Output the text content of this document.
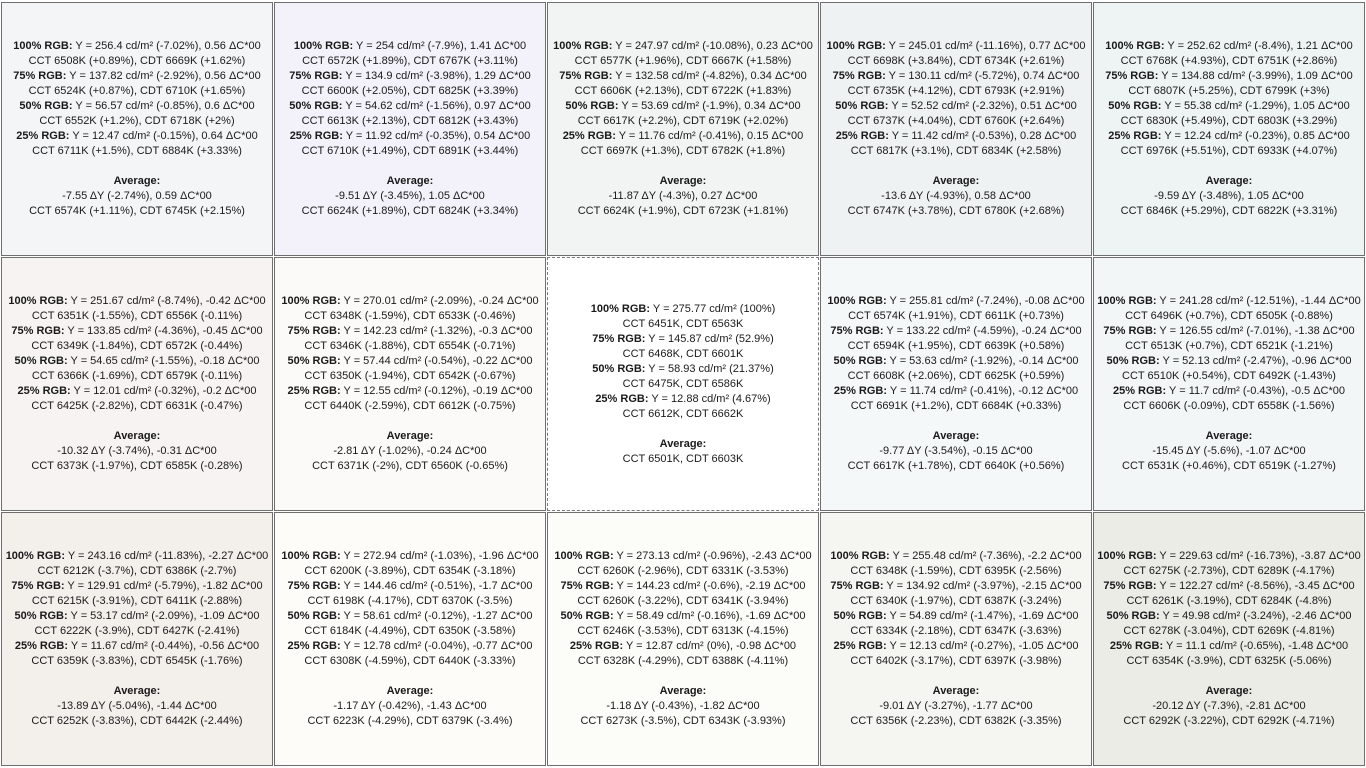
100% RGB: Y = 256.4 cd/m² (-7.02%), 0.56 ΔC*00
CCT 6508K (+0.89%), CDT 6669K (+1.62%)
75% RGB: Y = 137.82 cd/m² (-2.92%), 0.56 ΔC*00
CCT 6524K (+0.87%), CDT 6710K (+1.65%)
50% RGB: Y = 56.57 cd/m² (-0.85%), 0.6 ΔC*00
CCT 6552K (+1.2%), CDT 6718K (+2%)
25% RGB: Y = 12.47 cd/m² (-0.15%), 0.64 ΔC*00
CCT 6711K (+1.5%), CDT 6884K (+3.33%)
Average:
-7.55 ΔY (-2.74%), 0.59 ΔC*00
CCT 6574K (+1.11%), CDT 6745K (+2.15%)
100% RGB: Y = 254 cd/m² (-7.9%), 1.41 ΔC*00
CCT 6572K (+1.89%), CDT 6767K (+3.11%)
75% RGB: Y = 134.9 cd/m² (-3.98%), 1.29 ΔC*00
CCT 6600K (+2.05%), CDT 6825K (+3.39%)
50% RGB: Y = 54.62 cd/m² (-1.56%), 0.97 ΔC*00
CCT 6613K (+2.13%), CDT 6812K (+3.43%)
25% RGB: Y = 11.92 cd/m² (-0.35%), 0.54 ΔC*00
CCT 6710K (+1.49%), CDT 6891K (+3.44%)
Average:
-9.51 ΔY (-3.45%), 1.05 ΔC*00
CCT 6624K (+1.89%), CDT 6824K (+3.34%)
100% RGB: Y = 247.97 cd/m² (-10.08%), 0.23 ΔC*00
CCT 6577K (+1.96%), CDT 6667K (+1.58%)
75% RGB: Y = 132.58 cd/m² (-4.82%), 0.34 ΔC*00
CCT 6606K (+2.13%), CDT 6722K (+1.83%)
50% RGB: Y = 53.69 cd/m² (-1.9%), 0.34 ΔC*00
CCT 6617K (+2.2%), CDT 6719K (+2.02%)
25% RGB: Y = 11.76 cd/m² (-0.41%), 0.15 ΔC*00
CCT 6697K (+1.3%), CDT 6782K (+1.8%)
Average:
-11.87 ΔY (-4.3%), 0.27 ΔC*00
CCT 6624K (+1.9%), CDT 6723K (+1.81%)
100% RGB: Y = 245.01 cd/m² (-11.16%), 0.77 ΔC*00
CCT 6698K (+3.84%), CDT 6734K (+2.61%)
75% RGB: Y = 130.11 cd/m² (-5.72%), 0.74 ΔC*00
CCT 6735K (+4.12%), CDT 6793K (+2.91%)
50% RGB: Y = 52.52 cd/m² (-2.32%), 0.51 ΔC*00
CCT 6737K (+4.04%), CDT 6760K (+2.64%)
25% RGB: Y = 11.42 cd/m² (-0.53%), 0.28 ΔC*00
CCT 6817K (+3.1%), CDT 6834K (+2.58%)
Average:
-13.6 ΔY (-4.93%), 0.58 ΔC*00
CCT 6747K (+3.78%), CDT 6780K (+2.68%)
100% RGB: Y = 252.62 cd/m² (-8.4%), 1.21 ΔC*00
CCT 6768K (+4.93%), CDT 6751K (+2.86%)
75% RGB: Y = 134.88 cd/m² (-3.99%), 1.09 ΔC*00
CCT 6807K (+5.25%), CDT 6799K (+3%)
50% RGB: Y = 55.38 cd/m² (-1.29%), 1.05 ΔC*00
CCT 6830K (+5.49%), CDT 6803K (+3.29%)
25% RGB: Y = 12.24 cd/m² (-0.23%), 0.85 ΔC*00
CCT 6976K (+5.51%), CDT 6933K (+4.07%)
Average:
-9.59 ΔY (-3.48%), 1.05 ΔC*00
CCT 6846K (+5.29%), CDT 6822K (+3.31%)
100% RGB: Y = 251.67 cd/m² (-8.74%), -0.42 ΔC*00
CCT 6351K (-1.55%), CDT 6556K (-0.11%)
75% RGB: Y = 133.85 cd/m² (-4.36%), -0.45 ΔC*00
CCT 6349K (-1.84%), CDT 6572K (-0.44%)
50% RGB: Y = 54.65 cd/m² (-1.55%), -0.18 ΔC*00
CCT 6366K (-1.69%), CDT 6579K (-0.11%)
25% RGB: Y = 12.01 cd/m² (-0.32%), -0.2 ΔC*00
CCT 6425K (-2.82%), CDT 6631K (-0.47%)
Average:
-10.32 ΔY (-3.74%), -0.31 ΔC*00
CCT 6373K (-1.97%), CDT 6585K (-0.28%)
100% RGB: Y = 270.01 cd/m² (-2.09%), -0.24 ΔC*00
CCT 6348K (-1.59%), CDT 6533K (-0.46%)
75% RGB: Y = 142.23 cd/m² (-1.32%), -0.3 ΔC*00
CCT 6346K (-1.88%), CDT 6554K (-0.71%)
50% RGB: Y = 57.44 cd/m² (-0.54%), -0.22 ΔC*00
CCT 6350K (-1.94%), CDT 6542K (-0.67%)
25% RGB: Y = 12.55 cd/m² (-0.12%), -0.19 ΔC*00
CCT 6440K (-2.59%), CDT 6612K (-0.75%)
Average:
-2.81 ΔY (-1.02%), -0.24 ΔC*00
CCT 6371K (-2%), CDT 6560K (-0.65%)
100% RGB: Y = 275.77 cd/m² (100%)
CCT 6451K, CDT 6563K
75% RGB: Y = 145.87 cd/m² (52.9%)
CCT 6468K, CDT 6601K
50% RGB: Y = 58.93 cd/m² (21.37%)
CCT 6475K, CDT 6586K
25% RGB: Y = 12.88 cd/m² (4.67%)
CCT 6612K, CDT 6662K
Average:
CCT 6501K, CDT 6603K
100% RGB: Y = 255.81 cd/m² (-7.24%), -0.08 ΔC*00
CCT 6574K (+1.91%), CDT 6611K (+0.73%)
75% RGB: Y = 133.22 cd/m² (-4.59%), -0.24 ΔC*00
CCT 6594K (+1.95%), CDT 6639K (+0.58%)
50% RGB: Y = 53.63 cd/m² (-1.92%), -0.14 ΔC*00
CCT 6608K (+2.06%), CDT 6625K (+0.59%)
25% RGB: Y = 11.74 cd/m² (-0.41%), -0.12 ΔC*00
CCT 6691K (+1.2%), CDT 6684K (+0.33%)
Average:
-9.77 ΔY (-3.54%), -0.15 ΔC*00
CCT 6617K (+1.78%), CDT 6640K (+0.56%)
100% RGB: Y = 241.28 cd/m² (-12.51%), -1.44 ΔC*00
CCT 6496K (+0.7%), CDT 6505K (-0.88%)
75% RGB: Y = 126.55 cd/m² (-7.01%), -1.38 ΔC*00
CCT 6513K (+0.7%), CDT 6521K (-1.21%)
50% RGB: Y = 52.13 cd/m² (-2.47%), -0.96 ΔC*00
CCT 6510K (+0.54%), CDT 6492K (-1.43%)
25% RGB: Y = 11.7 cd/m² (-0.43%), -0.5 ΔC*00
CCT 6606K (-0.09%), CDT 6558K (-1.56%)
Average:
-15.45 ΔY (-5.6%), -1.07 ΔC*00
CCT 6531K (+0.46%), CDT 6519K (-1.27%)
100% RGB: Y = 243.16 cd/m² (-11.83%), -2.27 ΔC*00
CCT 6212K (-3.7%), CDT 6386K (-2.7%)
75% RGB: Y = 129.91 cd/m² (-5.79%), -1.82 ΔC*00
CCT 6215K (-3.91%), CDT 6411K (-2.88%)
50% RGB: Y = 53.17 cd/m² (-2.09%), -1.09 ΔC*00
CCT 6222K (-3.9%), CDT 6427K (-2.41%)
25% RGB: Y = 11.67 cd/m² (-0.44%), -0.56 ΔC*00
CCT 6359K (-3.83%), CDT 6545K (-1.76%)
Average:
-13.89 ΔY (-5.04%), -1.44 ΔC*00
CCT 6252K (-3.83%), CDT 6442K (-2.44%)
100% RGB: Y = 272.94 cd/m² (-1.03%), -1.96 ΔC*00
CCT 6200K (-3.89%), CDT 6354K (-3.18%)
75% RGB: Y = 144.46 cd/m² (-0.51%), -1.7 ΔC*00
CCT 6198K (-4.17%), CDT 6370K (-3.5%)
50% RGB: Y = 58.61 cd/m² (-0.12%), -1.27 ΔC*00
CCT 6184K (-4.49%), CDT 6350K (-3.58%)
25% RGB: Y = 12.78 cd/m² (-0.04%), -0.77 ΔC*00
CCT 6308K (-4.59%), CDT 6440K (-3.33%)
Average:
-1.17 ΔY (-0.42%), -1.43 ΔC*00
CCT 6223K (-4.29%), CDT 6379K (-3.4%)
100% RGB: Y = 273.13 cd/m² (-0.96%), -2.43 ΔC*00
CCT 6260K (-2.96%), CDT 6331K (-3.53%)
75% RGB: Y = 144.23 cd/m² (-0.6%), -2.19 ΔC*00
CCT 6260K (-3.22%), CDT 6341K (-3.94%)
50% RGB: Y = 58.49 cd/m² (-0.16%), -1.69 ΔC*00
CCT 6246K (-3.53%), CDT 6313K (-4.15%)
25% RGB: Y = 12.87 cd/m² (0%), -0.98 ΔC*00
CCT 6328K (-4.29%), CDT 6388K (-4.11%)
Average:
-1.18 ΔY (-0.43%), -1.82 ΔC*00
CCT 6273K (-3.5%), CDT 6343K (-3.93%)
100% RGB: Y = 255.48 cd/m² (-7.36%), -2.2 ΔC*00
CCT 6348K (-1.59%), CDT 6395K (-2.56%)
75% RGB: Y = 134.92 cd/m² (-3.97%), -2.15 ΔC*00
CCT 6340K (-1.97%), CDT 6387K (-3.24%)
50% RGB: Y = 54.89 cd/m² (-1.47%), -1.69 ΔC*00
CCT 6334K (-2.18%), CDT 6347K (-3.63%)
25% RGB: Y = 12.13 cd/m² (-0.27%), -1.05 ΔC*00
CCT 6402K (-3.17%), CDT 6397K (-3.98%)
Average:
-9.01 ΔY (-3.27%), -1.77 ΔC*00
CCT 6356K (-2.23%), CDT 6382K (-3.35%)
100% RGB: Y = 229.63 cd/m² (-16.73%), -3.87 ΔC*00
CCT 6275K (-2.73%), CDT 6289K (-4.17%)
75% RGB: Y = 122.27 cd/m² (-8.56%), -3.45 ΔC*00
CCT 6261K (-3.19%), CDT 6284K (-4.8%)
50% RGB: Y = 49.98 cd/m² (-3.24%), -2.46 ΔC*00
CCT 6278K (-3.04%), CDT 6269K (-4.81%)
25% RGB: Y = 11.1 cd/m² (-0.65%), -1.48 ΔC*00
CCT 6354K (-3.9%), CDT 6325K (-5.06%)
Average:
-20.12 ΔY (-7.3%), -2.81 ΔC*00
CCT 6292K (-3.22%), CDT 6292K (-4.71%)
